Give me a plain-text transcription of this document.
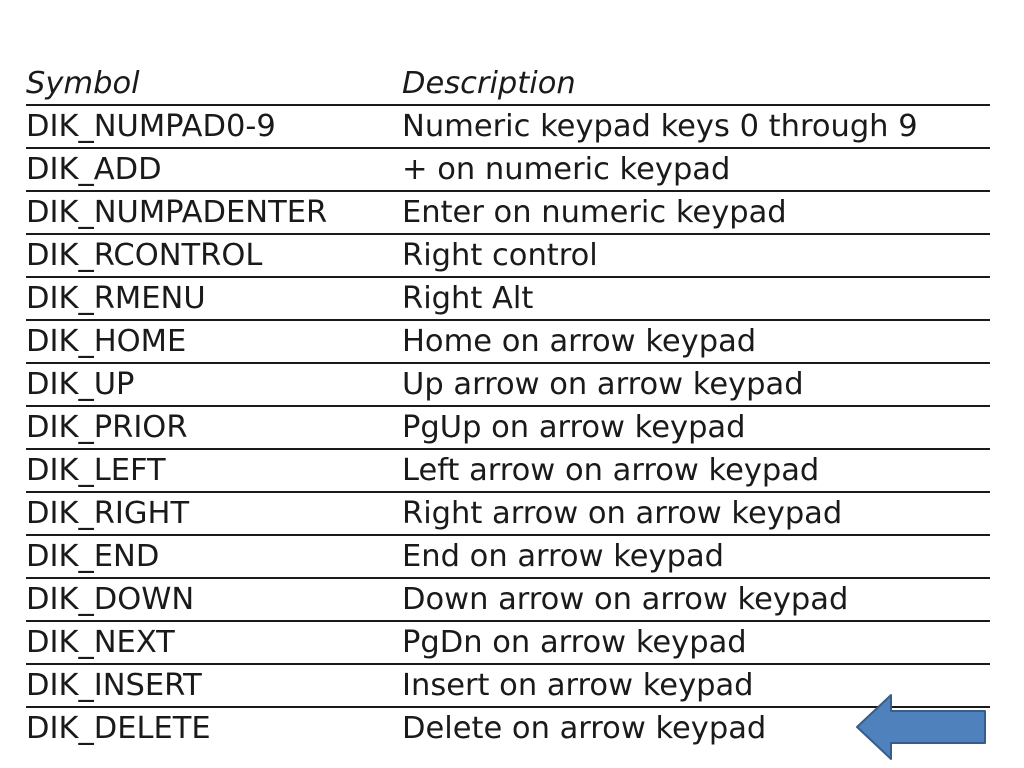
Symbol	Description
DIK_NUMPAD0-9	Numeric keypad keys 0 through 9
DIK_ADD	+ on numeric keypad
DIK_NUMPADENTER	Enter on numeric keypad
DIK_RCONTROL	Right control
DIK_RMENU	Right Alt
DIK_HOME	Home on arrow keypad
DIK_UP	Up arrow on arrow keypad
DIK_PRIOR	PgUp on arrow keypad
DIK_LEFT	Left arrow on arrow keypad
DIK_RIGHT	Right arrow on arrow keypad
DIK_END	End on arrow keypad
DIK_DOWN	Down arrow on arrow keypad
DIK_NEXT	PgDn on arrow keypad
DIK_INSERT	Insert on arrow keypad
DIK_DELETE	Delete on arrow keypad
